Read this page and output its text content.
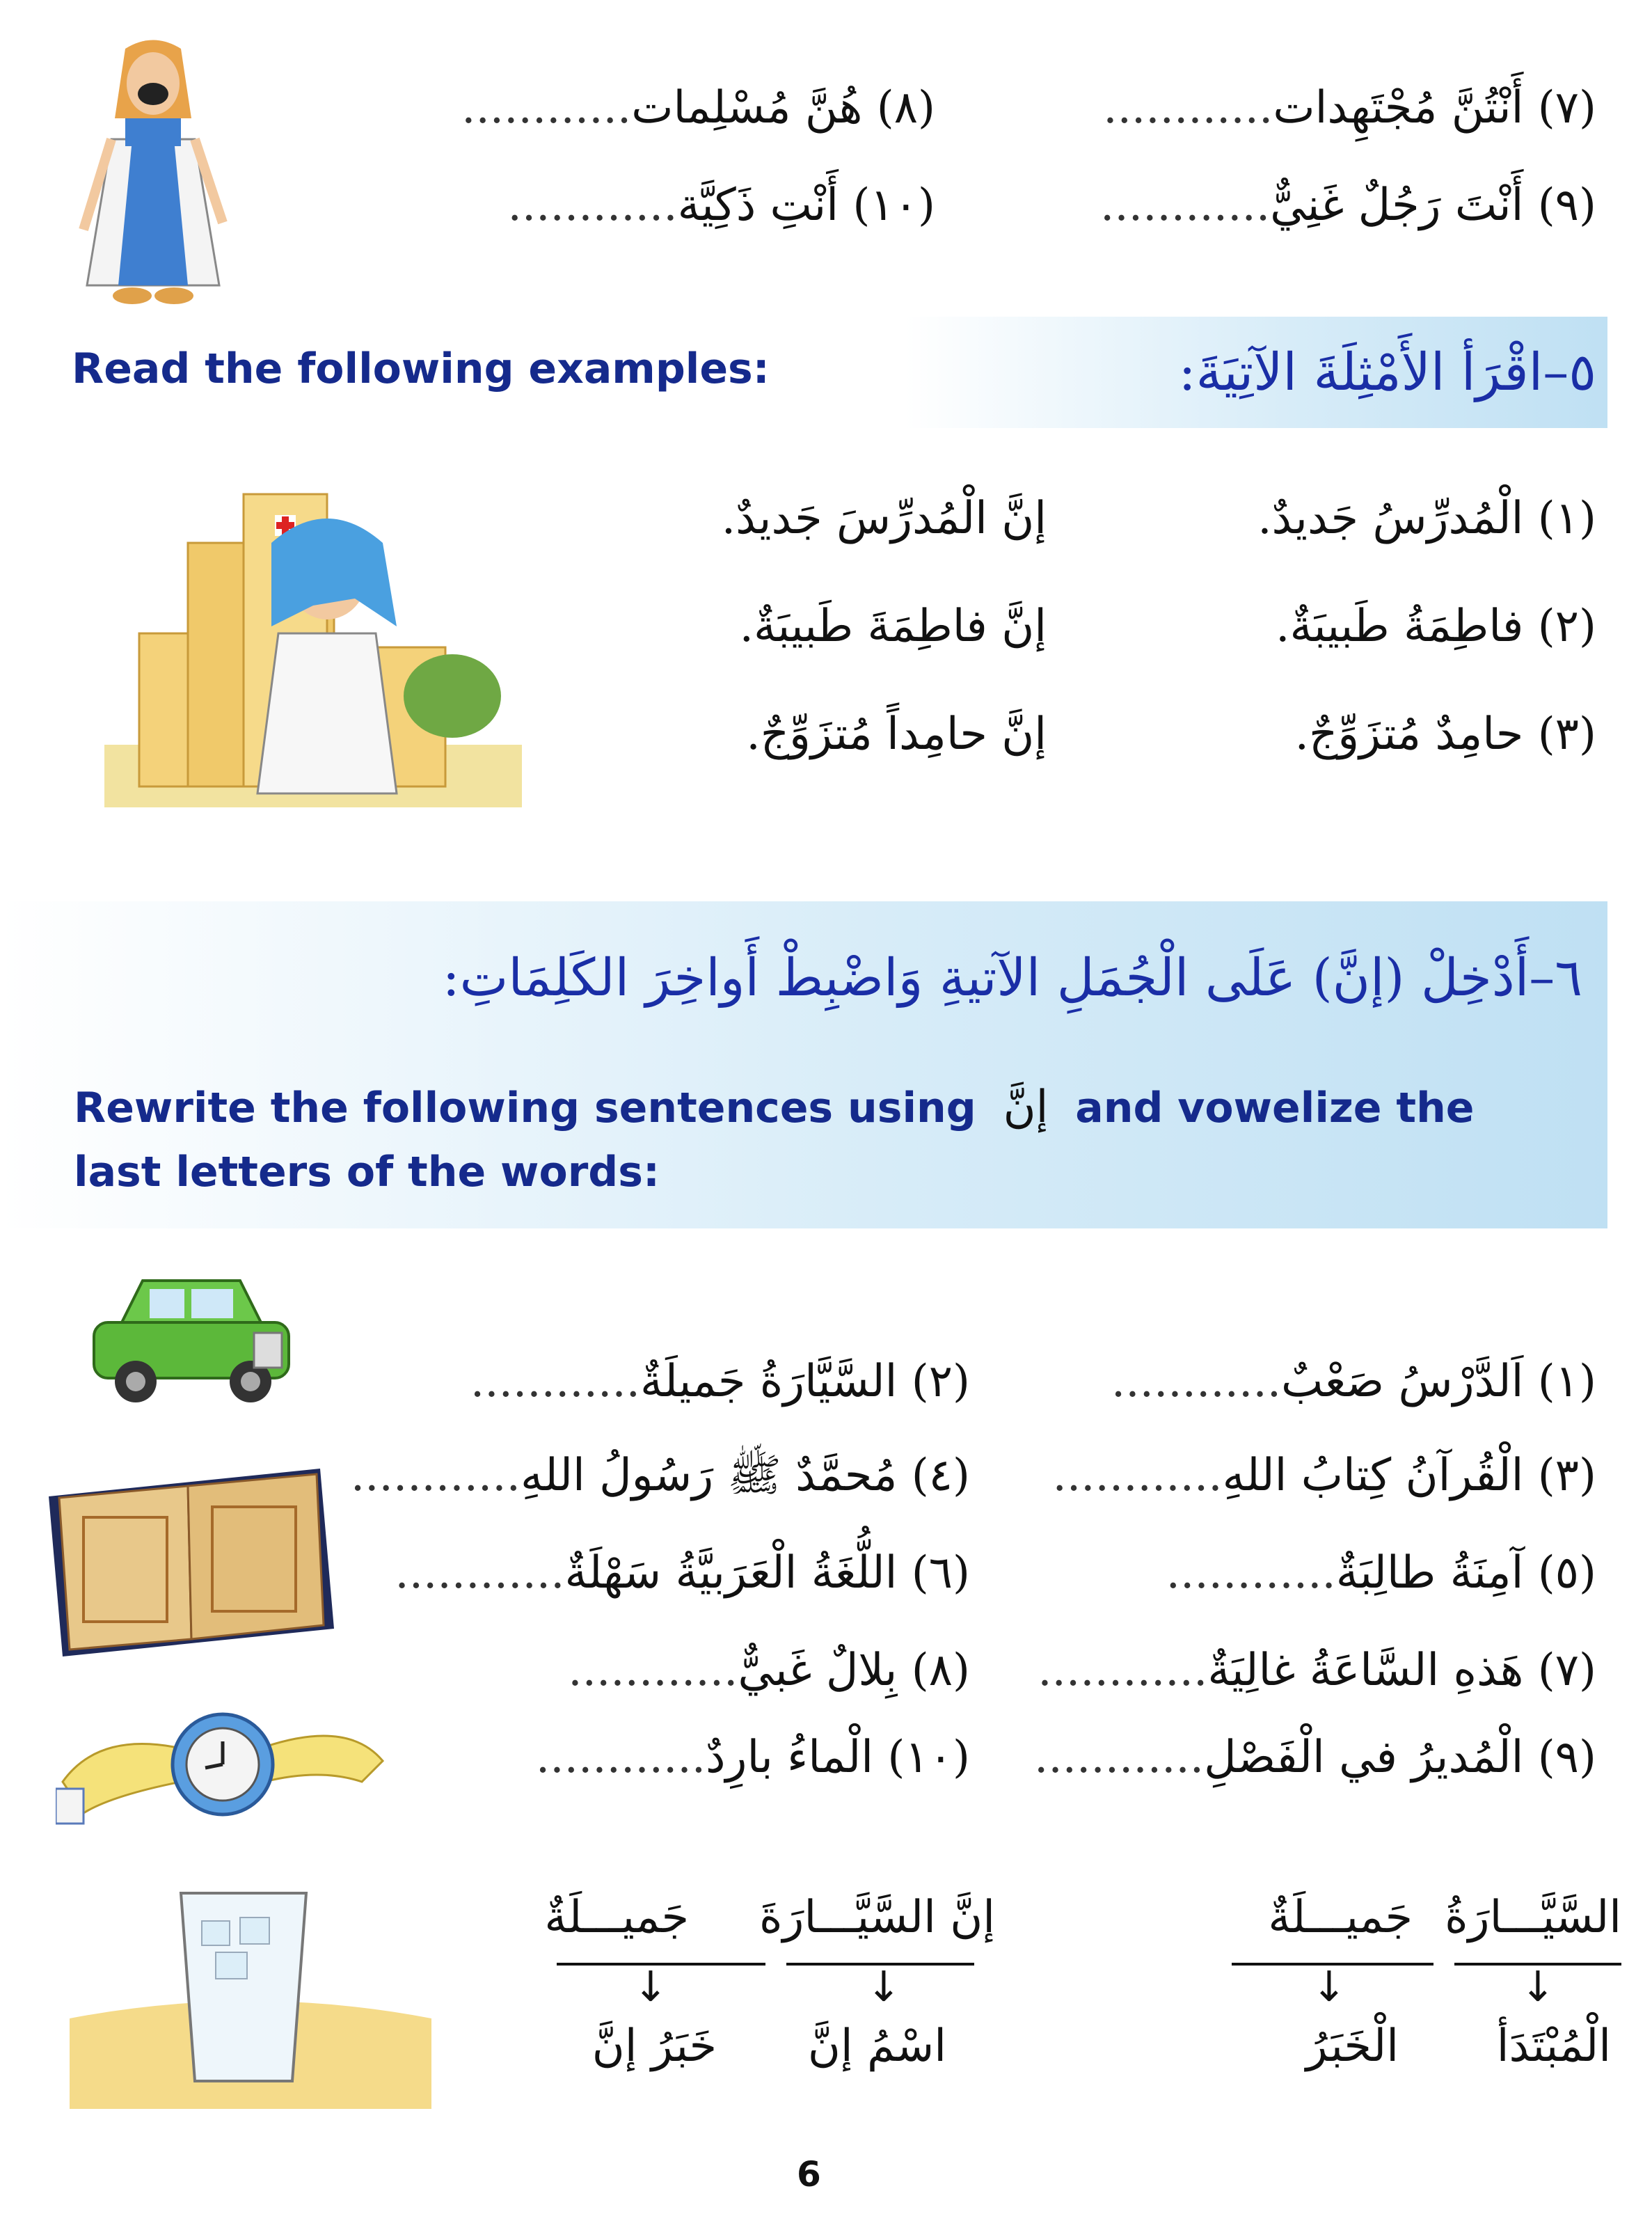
(٧) أَنْتُنَّ مُجْتَهِدات............
(٨) هُنَّ مُسْلِمات............
(٩) أَنْتَ رَجُلٌ غَنِيٌّ............
(١٠) أَنْتِ ذَكِيَّة............
٥–اقْرَأ الأَمْثِلَةَ الآتِيَةَ:
Read the following examples:
(١) الْمُدرِّسُ جَديدٌ.
إنَّ الْمُدرِّسَ جَديدٌ.
(٢) فاطِمَةُ طَبيبَةٌ.
إنَّ فاطِمَةَ طَبيبَةٌ.
(٣) حامِدٌ مُتزَوِّجٌ.
إنَّ حامِداً مُتزَوِّجٌ.
٦–أَدْخِلْ (إنَّ) عَلَى الْجُمَلِ الآتيةِ وَاضْبِطْ أَواخِرَ الكَلِمَاتِ:
Rewrite the following sentences using إنَّ and vowelize the
last letters of the words:
(١) اَلدَّرْسُ صَعْبٌ............
(٢) السَّيَّارَةُ جَميلَةٌ............
(٣) الْقُرآنُ كِتابُ اللهِ............
(٤) مُحمَّدٌ ﷺ رَسُولُ اللهِ............
(٥) آمِنَةُ طالِبَةٌ............
(٦) اللُّغَةُ الْعَرَبيَّةُ سَهْلَةٌ............
(٧) هَذهِ السَّاعَةُ غالِيَةٌ............
(٨) بِلالٌ غَبيٌّ............
(٩) الْمُديرُ في الْفَصْلِ............
(١٠) الْماءُ بارِدٌ............
السَّيَّـــارَةُ
جَميـــلَةٌ
↓
↓
الْمُبْتَدَأ
الْخَبَرُ
إنَّ السَّيَّـــارَةَ
جَميـــلَةٌ
↓
↓
اسْمُ إنَّ
خَبَرُ إنَّ
6
